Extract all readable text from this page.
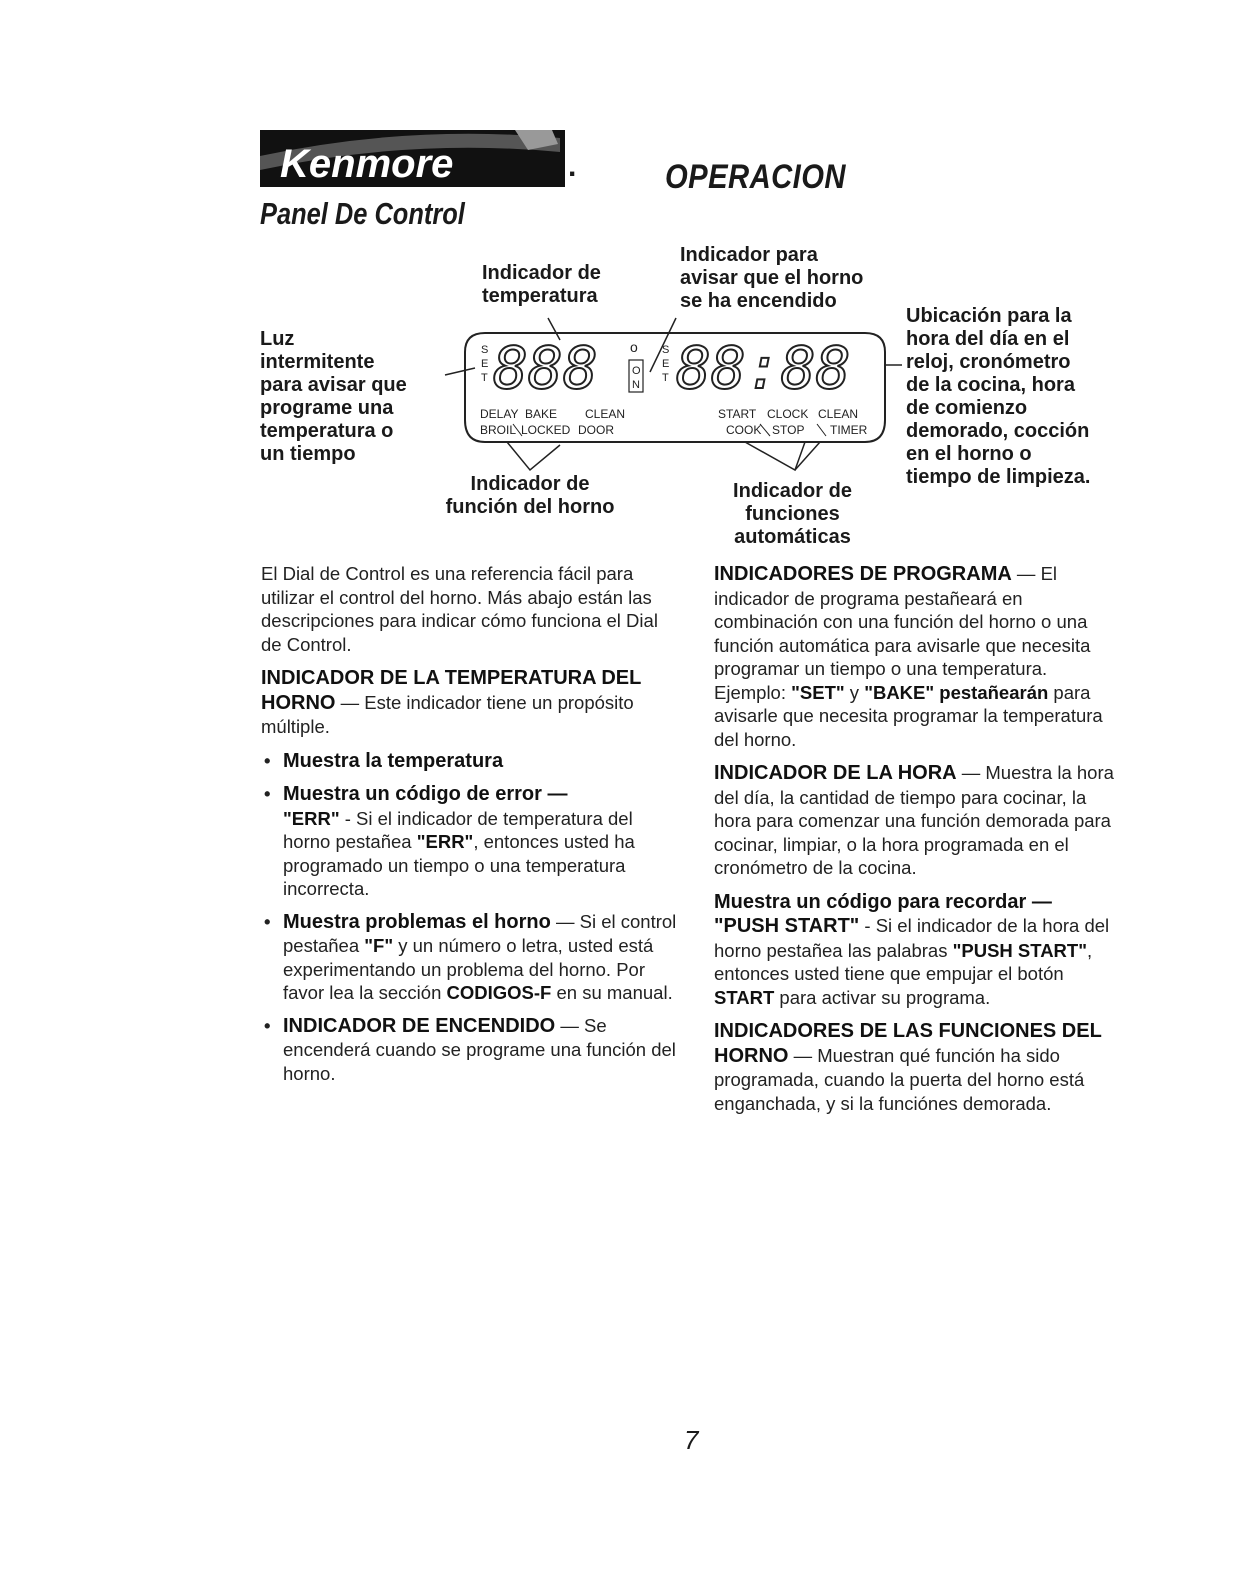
Kenmore	.	OPERACION
Panel De Control
S
E
T 888 o
O
N
S
E
T 88:88
DELAY BAKE CLEAN
BROIL LOCKED DOOR
START CLOCK CLEAN
COOK STOP TIMER
Indicador de
temperatura
Indicador para
avisar que el horno
se ha encendido
Luz
intermitente
para avisar que
programe una
temperatura o
un tiempo
Ubicación para la
hora del día en el
reloj, cronómetro
de la cocina, hora
de comienzo
demorado, cocción
en el horno o
tiempo de limpieza.
Indicador de
función del horno
Indicador de
funciones
automáticas

El Dial de Control es una referencia fácil para utilizar el control del horno. Más abajo están las descripciones para indicar cómo funciona el Dial de Control.

INDICADOR DE LA TEMPERATURA DEL HORNO — Este indicador tiene un propósito múltiple.

• Muestra la temperatura
• Muestra un código de error —
"ERR" - Si el indicador de temperatura del horno pestañea "ERR", entonces usted ha programado un tiempo o una temperatura incorrecta.
• Muestra problemas el horno — Si el control pestañea "F" y un número o letra, usted está experimentando un problema del horno. Por favor lea la sección CODIGOS-F en su manual.
• INDICADOR DE ENCENDIDO — Se encenderá cuando se programe una función del horno.

INDICADORES DE PROGRAMA — El indicador de programa pestañeará en combinación con una función del horno o una función automática para avisarle que necesita programar un tiempo o una temperatura. Ejemplo: "SET" y "BAKE" pestañearán para avisarle que necesita programar la temperatura del horno.

INDICADOR DE LA HORA — Muestra la hora del día, la cantidad de tiempo para cocinar, la hora para comenzar una función demorada para cocinar, limpiar, o la hora programada en el cronómetro de la cocina.

Muestra un código para recordar — "PUSH START" - Si el indicador de la hora del horno pestañea las palabras "PUSH START", entonces usted tiene que empujar el botón START para activar su programa.

INDICADORES DE LAS FUNCIONES DEL HORNO — Muestran qué función ha sido programada, cuando la puerta del horno está enganchada, y si la funciónes demorada.

7
